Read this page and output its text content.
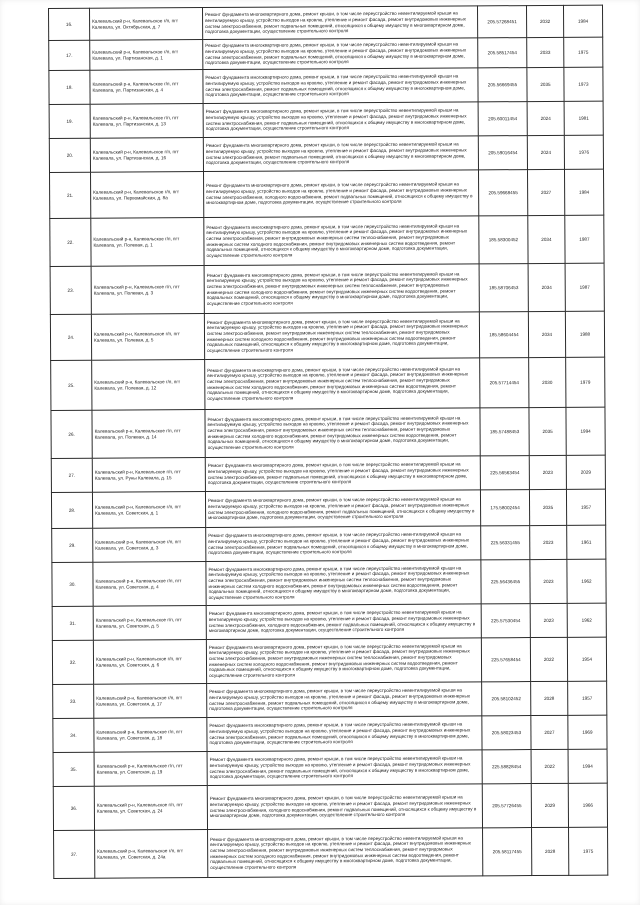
16.	Калевальский р-н, Калевальское г/п, пгт Калевала, ул. Октябрьская, д. 7	Ремонт фундамента многоквартирного дома, ремонт крыши, в том числе переустройство невентилируемой крыши на вентилируемую крышу, устройство выходов на кровлю, утепление и ремонт фасада, ремонт внутридомовых инженерных систем электроснабжения, ремонт подвальных помещений, относящихся к общему имуществу в многоквартирном доме, подготовка документации, осуществление строительного контроля	205.57268451	2032	1984
17.	Калевальский р-н, Калевальское г/п, пгт Калевала, ул. Партизанская, д. 1	Ремонт фундамента многоквартирного дома, ремонт крыши, в том числе переустройство невентилируемой крыши на вентилируемую крышу, устройство выходов на кровлю, утепление и ремонт фасада, ремонт внутридомовых инженерных систем электроснабжения, ремонт подвальных помещений, относящихся к общему имуществу в многоквартирном доме, подготовка документации, осуществление строительного контроля	205.58517454	2033	1975
18.	Калевальский р-н, Калевальское г/п, пгт Калевала, ул. Партизанская, д. 4	Ремонт фундамента многоквартирного дома, ремонт крыши, в том числе переустройство невентилируемой крыши на вентилируемую крышу, устройство выходов на кровлю, утепление и ремонт фасада, ремонт внутридомовых инженерных систем электроснабжения, ремонт подвальных помещений, относящихся к общему имуществу в многоквартирном доме, подготовка документации, осуществление строительного контроля	205.56669455	2035	1973
19.	Калевальский р-н, Калевальское г/п, пгт Калевала, ул. Партизанская, д. 13	Ремонт фундамента многоквартирного дома, ремонт крыши, в том числе переустройство невентилируемой крыши на вентилируемую крышу, устройство выходов на кровлю, утепление и ремонт фасада, ремонт внутридомовых инженерных систем электроснабжения, ремонт подвальных помещений, относящихся к общему имуществу в многоквартирном доме, подготовка документации, осуществление строительного контроля	205.60011454	2024	1981
20.	Калевальский р-н, Калевальское г/п, пгт Калевала, ул. Партизанская, д. 16	Ремонт фундамента многоквартирного дома, ремонт крыши, в том числе переустройство невентилируемой крыши на вентилируемую крышу, устройство выходов на кровлю, утепление и ремонт фасада, ремонт внутридомовых инженерных систем электроснабжения, ремонт подвальных помещений, относящихся к общему имуществу в многоквартирном доме, подготовка документации, осуществление строительного контроля	205.59016454	2024	1976
21.	Калевальский р-н, Калевальское г/п, пгт Калевала, ул. Первомайская, д. 8а	Ремонт фундамента многоквартирного дома, ремонт крыши, в том числе переустройство невентилируемой крыши на вентилируемую крышу, устройство выходов на кровлю, утепление и ремонт фасада, ремонт внутридомовых инженерных систем электроснабжения, холодного водоснабжения, ремонт подвальных помещений, относящихся к общему имуществу в многоквартирном доме, подготовка документации, осуществление строительного контроля	205.59668455	2027	1984
22.	Калевальский р-н, Калевальское г/п, пгт Калевала, ул. Полевая, д. 1	Ремонт фундамента многоквартирного дома, ремонт крыши, в том числе переустройство невентилируемой крыши на вентилируемую крышу, устройство выходов на кровлю, утепление и ремонт фасада, ремонт внутридомовых инженерных систем электроснабжения, ремонт внутридомовых инженерных систем теплоснабжения, ремонт внутридомовых инженерных систем холодного водоснабжения, ремонт внутридомовых инженерных систем водоотведения, ремонт подвальных помещений, относящихся к общему имуществу в многоквартирном доме, подготовка документации, осуществление строительного контроля	185.58300452	2034	1987
23.	Калевальский р-н, Калевальское г/п, пгт Калевала, ул. Полевая, д. 3	Ремонт фундамента многоквартирного дома, ремонт крыши, в том числе переустройство невентилируемой крыши на вентилируемую крышу, устройство выходов на кровлю, утепление и ремонт фасада, ремонт внутридомовых инженерных систем электроснабжения, ремонт внутридомовых инженерных систем теплоснабжения, ремонт внутридомовых инженерных систем холодного водоснабжения, ремонт внутридомовых инженерных систем водоотведения, ремонт подвальных помещений, относящихся к общему имуществу в многоквартирном доме, подготовка документации, осуществление строительного контроля	185.58706453	2034	1987
24.	Калевальский р-н, Калевальское г/п, пгт Калевала, ул. Полевая, д. 5	Ремонт фундамента многоквартирного дома, ремонт крыши, в том числе переустройство невентилируемой крыши на вентилируемую крышу, устройство выходов на кровлю, утепление и ремонт фасада, ремонт внутридомовых инженерных систем электроснабжения, ремонт внутридомовых инженерных систем теплоснабжения, ремонт внутридомовых инженерных систем холодного водоснабжения, ремонт внутридомовых инженерных систем водоотведения, ремонт подвальных помещений, относящихся к общему имуществу в многоквартирном доме, подготовка документации, осуществление строительного контроля	185.58604454	2034	1988
25.	Калевальский р-н, Калевальское г/п, пгт Калевала, ул. Полевая, д. 12	Ремонт фундамента многоквартирного дома, ремонт крыши, в том числе переустройство невентилируемой крыши на вентилируемую крышу, устройство выходов на кровлю, утепление и ремонт фасада, ремонт внутридомовых инженерных систем электроснабжения, ремонт внутридомовых инженерных систем теплоснабжения, ремонт внутридомовых инженерных систем холодного водоснабжения, ремонт внутридомовых инженерных систем водоотведения, ремонт подвальных помещений, относящихся к общему имуществу в многоквартирном доме, подготовка документации, осуществление строительного контроля	205.57714454	2030	1979
26.	Калевальский р-н, Калевальское г/п, пгт Калевала, ул. Полевая, д. 14	Ремонт фундамента многоквартирного дома, ремонт крыши, в том числе переустройство невентилируемой крыши на вентилируемую крышу, устройство выходов на кровлю, утепление и ремонт фасада, ремонт внутридомовых инженерных систем электроснабжения, ремонт внутридомовых инженерных систем теплоснабжения, ремонт внутридомовых инженерных систем холодного водоснабжения, ремонт внутридомовых инженерных систем водоотведения, ремонт подвальных помещений, относящихся к общему имуществу в многоквартирном доме, подготовка документации, осуществление строительного контроля	185.57488453	2035	1994
27.	Калевальский р-н, Калевальское г/п, пгт Калевала, ул. Руны Калевала, д. 15	Ремонт фундамента многоквартирного дома, ремонт крыши, в том числе переустройство невентилируемой крыши на вентилируемую крышу, устройство выходов на кровлю, утепление и ремонт фасада, ремонт внутридомовых инженерных систем электроснабжения, ремонт подвальных помещений, относящихся к общему имуществу в многоквартирном доме, подготовка документации, осуществление строительного контроля	225.56563454	2023	2029
28.	Калевальский р-н, Калевальское г/п, пгт Калевала, ул. Советская, д. 1	Ремонт фундамента многоквартирного дома, ремонт крыши, в том числе переустройство невентилируемой крыши на вентилируемую крышу, устройство выходов на кровлю, утепление и ремонт фасада, ремонт внутридомовых инженерных систем электроснабжения, холодного водоснабжения, ремонт подвальных помещений, относящихся к общему имуществу в многоквартирном доме, подготовка документации, осуществление строительного контроля	175.58002454	2035	1957
29.	Калевальский р-н, Калевальское г/п, пгт Калевала, ул. Советская, д. 3	Ремонт фундамента многоквартирного дома, ремонт крыши, в том числе переустройство невентилируемой крыши на вентилируемую крышу, устройство выходов на кровлю, утепление и ремонт фасада, ремонт внутридомовых инженерных систем электроснабжения, ремонт подвальных помещений, относящихся к общему имуществу в многоквартирном доме, подготовка документации, осуществление строительного контроля	225.56331455	2023	1961
30.	Калевальский р-н, Калевальское г/п, пгт Калевала, ул. Советская, д. 4	Ремонт фундамента многоквартирного дома, ремонт крыши, в том числе переустройство невентилируемой крыши на вентилируемую крышу, устройство выходов на кровлю, утепление и ремонт фасада, ремонт внутридомовых инженерных систем электроснабжения, ремонт внутридомовых инженерных систем теплоснабжения, ремонт внутридомовых инженерных систем холодного водоснабжения, ремонт внутридомовых инженерных систем водоотведения, ремонт подвальных помещений, относящихся к общему имуществу в многоквартирном доме, подготовка документации, осуществление строительного контроля	225.56436455	2023	1962
31.	Калевальский р-н, Калевальское г/п, пгт Калевала, ул. Советская, д. 5	Ремонт фундамента многоквартирного дома, ремонт крыши, в том числе переустройство невентилируемой крыши на вентилируемую крышу, устройство выходов на кровлю, утепление и ремонт фасада, ремонт внутридомовых инженерных систем электроснабжения, холодного водоснабжения, ремонт подвальных помещений, относящихся к общему имуществу в многоквартирном доме, подготовка документации, осуществление строительного контроля	225.57530454	2023	1962
32.	Калевальский р-н, Калевальское г/п, пгт Калевала, ул. Советская, д. 6	Ремонт фундамента многоквартирного дома, ремонт крыши, в том числе переустройство невентилируемой крыши на вентилируемую крышу, устройство выходов на кровлю, утепление и ремонт фасада, ремонт внутридомовых инженерных систем электроснабжения, ремонт внутридомовых инженерных систем теплоснабжения, ремонт внутридомовых инженерных систем холодного водоснабжения, ремонт внутридомовых инженерных систем водоотведения, ремонт подвальных помещений, относящихся к общему имуществу в многоквартирном доме, подготовка документации, осуществление строительного контроля	225.57658454	2022	1954
33.	Калевальский р-н, Калевальское г/п, пгт Калевала, ул. Советская, д. 17	Ремонт фундамента многоквартирного дома, ремонт крыши, в том числе переустройство невентилируемой крыши на вентилируемую крышу, устройство выходов на кровлю, утепление и ремонт фасада, ремонт внутридомовых инженерных систем электроснабжения, ремонт подвальных помещений, относящихся к общему имуществу в многоквартирном доме, подготовка документации, осуществление строительного контроля	205.58102452	2028	1957
34.	Калевальский р-н, Калевальское г/п, пгт Калевала, ул. Советская, д. 18	Ремонт фундамента многоквартирного дома, ремонт крыши, в том числе переустройство невентилируемой крыши на вентилируемую крышу, устройство выходов на кровлю, утепление и ремонт фасада, ремонт внутридомовых инженерных систем электроснабжения, ремонт подвальных помещений, относящихся к общему имуществу в многоквартирном доме, подготовка документации, осуществление строительного контроля	205.58023453	2027	1969
35.	Калевальский р-н, Калевальское г/п, пгт Калевала, ул. Советская, д. 19	Ремонт фундамента многоквартирного дома, ремонт крыши, в том числе переустройство невентилируемой крыши на вентилируемую крышу, устройство выходов на кровлю, утепление и ремонт фасада, ремонт внутридомовых инженерных систем электроснабжения, ремонт подвальных помещений, относящихся к общему имуществу в многоквартирном доме, подготовка документации, осуществление строительного контроля	225.58828454	2022	1994
36.	Калевальский р-н, Калевальское г/п, пгт Калевала, ул. Советская, д. 24	Ремонт фундамента многоквартирного дома, ремонт крыши, в том числе переустройство невентилируемой крыши на вентилируемую крышу, устройство выходов на кровлю, утепление и ремонт фасада, ремонт внутридомовых инженерных систем электроснабжения, холодного водоснабжения, ремонт подвальных помещений, относящихся к общему имуществу в многоквартирном доме, подготовка документации, осуществление строительного контроля	205.57726455	2029	1966
37.	Калевальский р-н, Калевальское г/п, пгт Калевала, ул. Советская, д. 24а	Ремонт фундамента многоквартирного дома, ремонт крыши, в том числе переустройство невентилируемой крыши на вентилируемую крышу, устройство выходов на кровлю, утепление и ремонт фасада, ремонт внутридомовых инженерных систем электроснабжения, ремонт внутридомовых инженерных систем теплоснабжения, ремонт внутридомовых инженерных систем холодного водоснабжения, ремонт внутридомовых инженерных систем водоотведения, ремонт подвальных помещений, относящихся к общему имуществу в многоквартирном доме, подготовка документации, осуществление строительного контроля	205.58117455	2028	1975
